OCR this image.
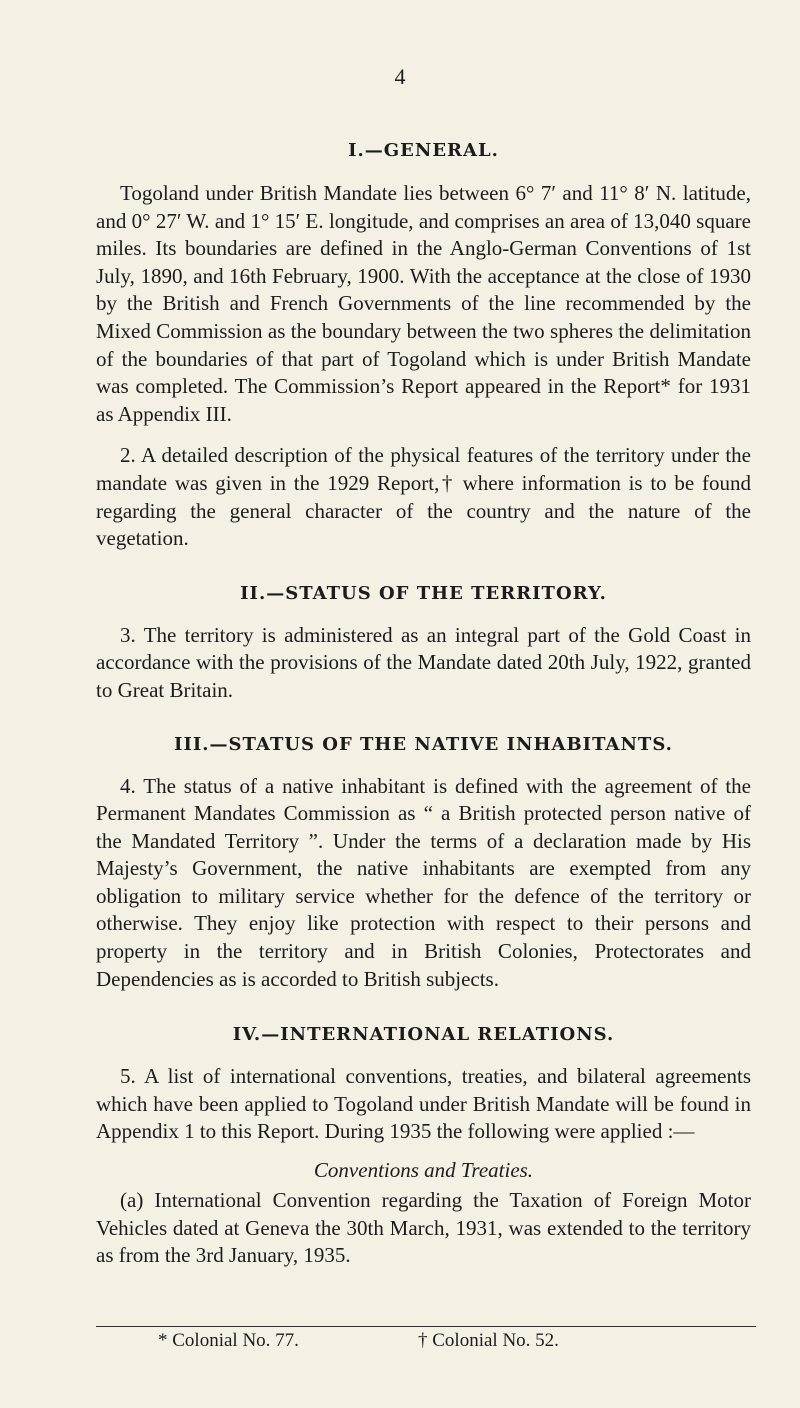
4
I.—GENERAL.

Togoland under British Mandate lies between 6° 7′ and 11° 8′ N. latitude, and 0° 27′ W. and 1° 15′ E. longitude, and comprises an area of 13,040 square miles. Its boundaries are defined in the Anglo-German Conventions of 1st July, 1890, and 16th February, 1900. With the acceptance at the close of 1930 by the British and French Governments of the line recommended by the Mixed Commission as the boundary between the two spheres the delimitation of the boundaries of that part of Togoland which is under British Mandate was completed. The Commission’s Report appeared in the Report* for 1931 as Appendix III.

2. A detailed description of the physical features of the territory under the mandate was given in the 1929 Report,† where information is to be found regarding the general character of the country and the nature of the vegetation.

II.—STATUS OF THE TERRITORY.

3. The territory is administered as an integral part of the Gold Coast in accordance with the provisions of the Mandate dated 20th July, 1922, granted to Great Britain.

III.—STATUS OF THE NATIVE INHABITANTS.

4. The status of a native inhabitant is defined with the agreement of the Permanent Mandates Commission as “ a British protected person native of the Mandated Territory ”. Under the terms of a declaration made by His Majesty’s Government, the native inhabitants are exempted from any obligation to military service whether for the defence of the territory or otherwise. They enjoy like protection with respect to their persons and property in the territory and in British Colonies, Protectorates and Dependencies as is accorded to British subjects.

IV.—INTERNATIONAL RELATIONS.

5. A list of international conventions, treaties, and bilateral agreements which have been applied to Togoland under British Mandate will be found in Appendix 1 to this Report. During 1935 the following were applied :—

Conventions and Treaties.

(a) International Convention regarding the Taxation of Foreign Motor Vehicles dated at Geneva the 30th March, 1931, was extended to the territory as from the 3rd January, 1935.

* Colonial No. 77.	† Colonial No. 52.
